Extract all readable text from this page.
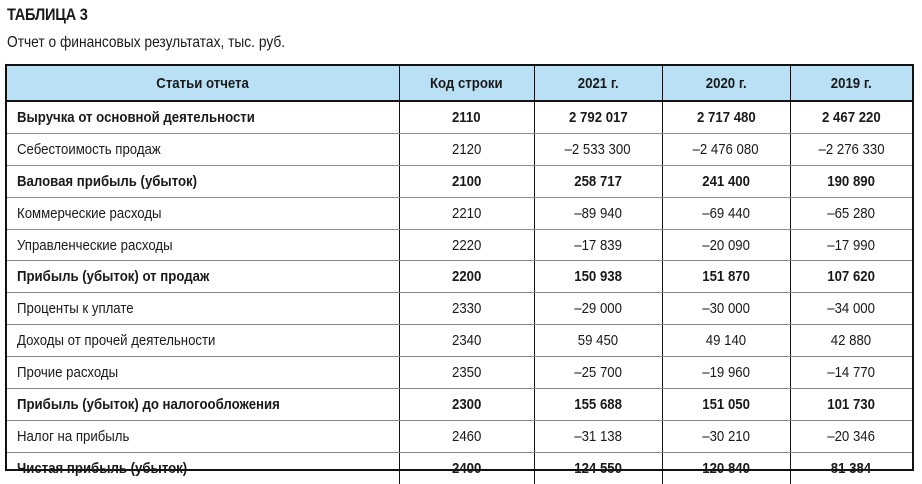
ТАБЛИЦА 3
Отчет о финансовых результатах, тыс. руб.
Статьи отчета	Код строки	2021 г.	2020 г.	2019 г.
Выручка от основной деятельности	2110	2 792 017	2 717 480	2 467 220
Себестоимость продаж	2120	–2 533 300	–2 476 080	–2 276 330
Валовая прибыль (убыток)	2100	258 717	241 400	190 890
Коммерческие расходы	2210	–89 940	–69 440	–65 280
Управленческие расходы	2220	–17 839	–20 090	–17 990
Прибыль (убыток) от продаж	2200	150 938	151 870	107 620
Проценты к уплате	2330	–29 000	–30 000	–34 000
Доходы от прочей деятельности	2340	59 450	49 140	42 880
Прочие расходы	2350	–25 700	–19 960	–14 770
Прибыль (убыток) до налогообложения	2300	155 688	151 050	101 730
Налог на прибыль	2460	–31 138	–30 210	–20 346
Чистая прибыль (убыток)	2400	124 550	120 840	81 384
